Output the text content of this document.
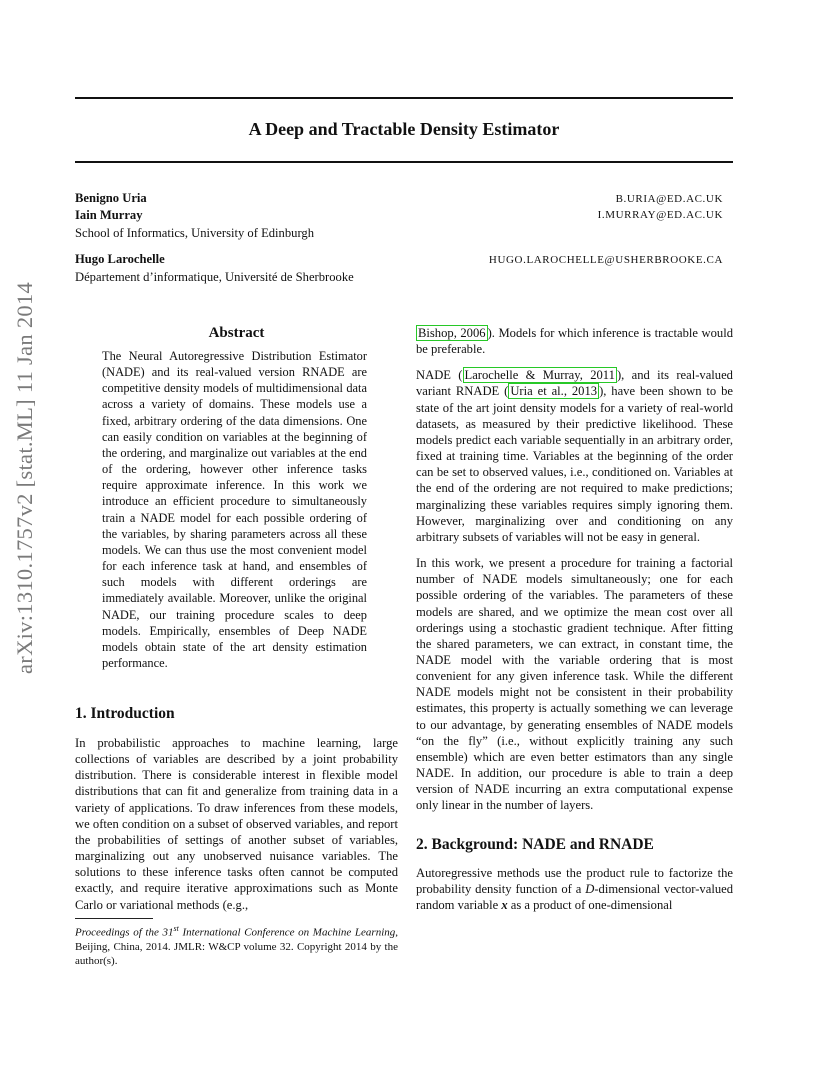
A Deep and Tractable Density Estimator
arXiv:1310.1757v2 [stat.ML] 11 Jan 2014
Benigno Uria
Iain Murray
School of Informatics, University of Edinburgh
B.URIA@ED.AC.UK
I.MURRAY@ED.AC.UK
Hugo Larochelle
Département d’informatique, Université de Sherbrooke
HUGO.LAROCHELLE@USHERBROOKE.CA
Abstract

The Neural Autoregressive Distribution Estimator (NADE) and its real-valued version RNADE are competitive density models of multidimensional data across a variety of domains. These models use a fixed, arbitrary ordering of the data dimensions. One can easily condition on variables at the beginning of the ordering, and marginalize out variables at the end of the ordering, however other inference tasks require approximate inference. In this work we introduce an efficient procedure to simultaneously train a NADE model for each possible ordering of the variables, by sharing parameters across all these models. We can thus use the most convenient model for each inference task at hand, and ensembles of such models with different orderings are immediately available. Moreover, unlike the original NADE, our training procedure scales to deep models. Empirically, ensembles of Deep NADE models obtain state of the art density estimation performance.

1. Introduction

In probabilistic approaches to machine learning, large collections of variables are described by a joint probability distribution. There is considerable interest in flexible model distributions that can fit and generalize from training data in a variety of applications. To draw inferences from these models, we often condition on a subset of observed variables, and report the probabilities of settings of another subset of variables, marginalizing out any unobserved nuisance variables. The solutions to these inference tasks often cannot be computed exactly, and require iterative approximations such as Monte Carlo or variational methods (e.g.,

Proceedings of the 31st International Conference on Machine Learning, Beijing, China, 2014. JMLR: W&CP volume 32. Copyright 2014 by the author(s).

Bishop, 2006 ). Models for which inference is tractable would be preferable.

NADE ( Larochelle & Murray, 2011 ), and its real-valued variant RNADE ( Uria et al., 2013 ), have been shown to be state of the art joint density models for a variety of real-world datasets, as measured by their predictive likelihood. These models predict each variable sequentially in an arbitrary order, fixed at training time. Variables at the beginning of the order can be set to observed values, i.e., conditioned on. Variables at the end of the ordering are not required to make predictions; marginalizing these variables requires simply ignoring them. However, marginalizing over and conditioning on any arbitrary subsets of variables will not be easy in general.

In this work, we present a procedure for training a factorial number of NADE models simultaneously; one for each possible ordering of the variables. The parameters of these models are shared, and we optimize the mean cost over all orderings using a stochastic gradient technique. After fitting the shared parameters, we can extract, in constant time, the NADE model with the variable ordering that is most convenient for any given inference task. While the different NADE models might not be consistent in their probability estimates, this property is actually something we can leverage to our advantage, by generating ensembles of NADE models “on the fly” (i.e., without explicitly training any such ensemble) which are even better estimators than any single NADE. In addition, our procedure is able to train a deep version of NADE incurring an extra computational expense only linear in the number of layers.

2. Background: NADE and RNADE

Autoregressive methods use the product rule to factorize the probability density function of a D-dimensional vector-valued random variable x as a product of one-dimensional
